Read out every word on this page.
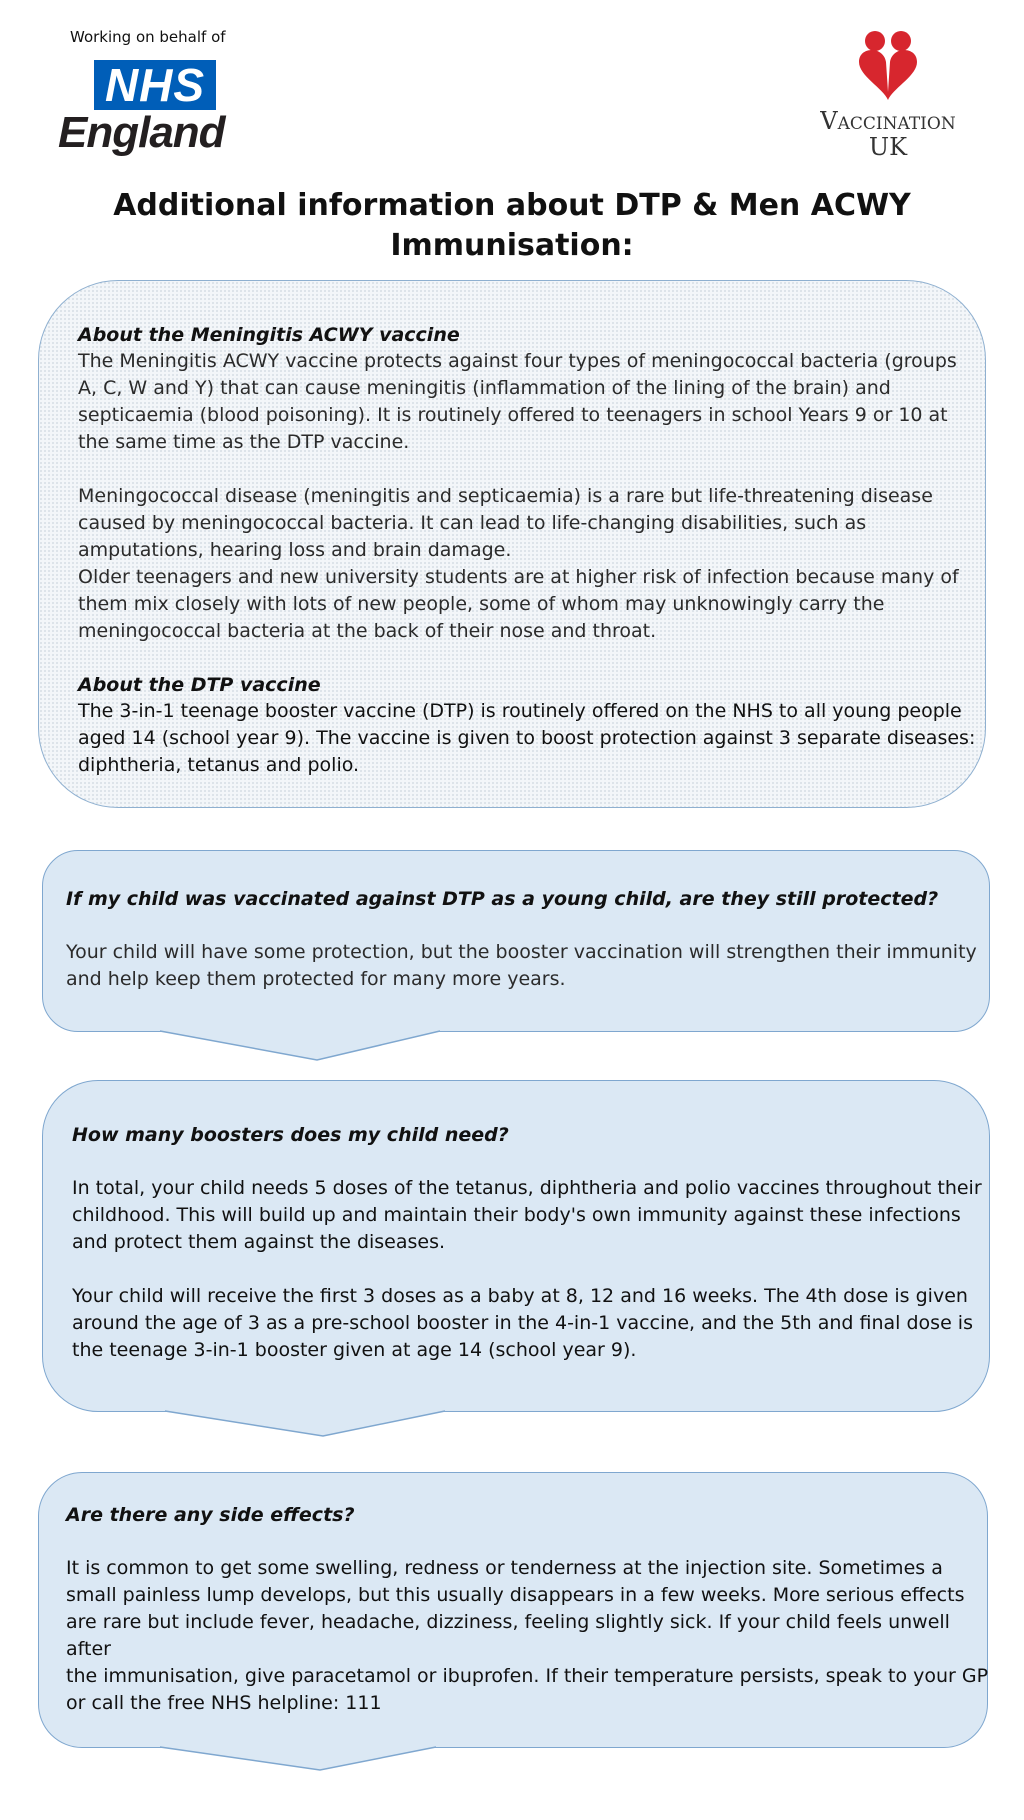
Working on behalf of
NHS
England	Vaccination
UK
Additional information about DTP & Men ACWY
Immunisation:
About the Meningitis ACWY vaccine
The Meningitis ACWY vaccine protects against four types of meningococcal bacteria (groups
A, C, W and Y) that can cause meningitis (inflammation of the lining of the brain) and
septicaemia (blood poisoning). It is routinely offered to teenagers in school Years 9 or 10 at
the same time as the DTP vaccine.
Meningococcal disease (meningitis and septicaemia) is a rare but life-threatening disease
caused by meningococcal bacteria. It can lead to life-changing disabilities, such as
amputations, hearing loss and brain damage.
Older teenagers and new university students are at higher risk of infection because many of
them mix closely with lots of new people, some of whom may unknowingly carry the
meningococcal bacteria at the back of their nose and throat.
About the DTP vaccine
The 3-in-1 teenage booster vaccine (DTP) is routinely offered on the NHS to all young people
aged 14 (school year 9). The vaccine is given to boost protection against 3 separate diseases:
diphtheria, tetanus and polio.
If my child was vaccinated against DTP as a young child, are they still protected?
Your child will have some protection, but the booster vaccination will strengthen their immunity
and help keep them protected for many more years.
How many boosters does my child need?
In total, your child needs 5 doses of the tetanus, diphtheria and polio vaccines throughout their
childhood. This will build up and maintain their body's own immunity against these infections
and protect them against the diseases.
Your child will receive the first 3 doses as a baby at 8, 12 and 16 weeks. The 4th dose is given
around the age of 3 as a pre-school booster in the 4-in-1 vaccine, and the 5th and final dose is
the teenage 3-in-1 booster given at age 14 (school year 9).
Are there any side effects?
It is common to get some swelling, redness or tenderness at the injection site. Sometimes a
small painless lump develops, but this usually disappears in a few weeks. More serious effects
are rare but include fever, headache, dizziness, feeling slightly sick. If your child feels unwell after
the immunisation, give paracetamol or ibuprofen. If their temperature persists, speak to your GP
or call the free NHS helpline: 111
